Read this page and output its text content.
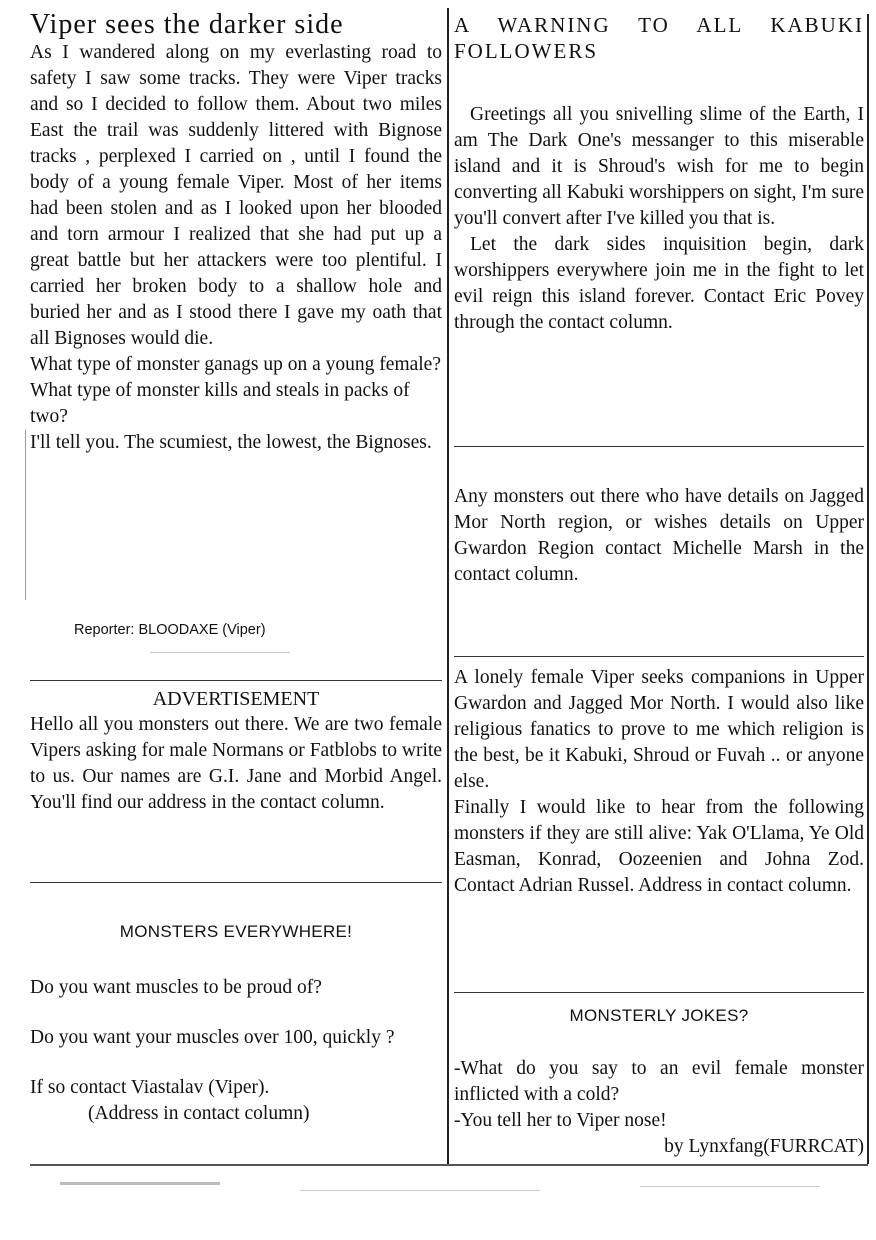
Viper sees the darker side

As I wandered along on my everlasting road to safety I saw some tracks. They were Viper tracks and so I decided to follow them. About two miles East the trail was suddenly littered with Bignose tracks , perplexed I carried on , until I found the body of a young female Viper. Most of her items had been stolen and as I looked upon her blooded and torn armour I realized that she had put up a great battle but her attackers were too plentiful. I carried her broken body to a shallow hole and buried her and as I stood there I gave my oath that all Bignoses would die.

What type of monster ganags up on a young female?

What type of monster kills and steals in packs of two?

I'll tell you. The scumiest, the lowest, the Bignoses.

Reporter: BLOODAXE (Viper)
ADVERTISEMENT

Hello all you monsters out there. We are two female Vipers asking for male Normans or Fatblobs to write to us. Our names are G.I. Jane and Morbid Angel. You'll find our address in the contact column.

MONSTERS EVERYWHERE!

Do you want muscles to be proud of?

Do you want your muscles over 100, quickly ?

If so contact Viastalav (Viper).

(Address in contact column)

A WARNING TO ALL KABUKI FOLLOWERS

Greetings all you snivelling slime of the Earth, I am The Dark One's messanger to this miserable island and it is Shroud's wish for me to begin converting all Kabuki worshippers on sight, I'm sure you'll convert after I've killed you that is.

Let the dark sides inquisition begin, dark worshippers everywhere join me in the fight to let evil reign this island forever. Contact Eric Povey through the contact column.

Any monsters out there who have details on Jagged Mor North region, or wishes details on Upper Gwardon Region contact Michelle Marsh in the contact column.

A lonely female Viper seeks companions in Upper Gwardon and Jagged Mor North. I would also like religious fanatics to prove to me which religion is the best, be it Kabuki, Shroud or Fuvah .. or anyone else.

Finally I would like to hear from the following monsters if they are still alive: Yak O'Llama, Ye Old Easman, Konrad, Oozeenien and Johna Zod. Contact Adrian Russel. Address in contact column.

MONSTERLY JOKES?

-What do you say to an evil female monster inflicted with a cold?

-You tell her to Viper nose!

by Lynxfang(FURRCAT)
